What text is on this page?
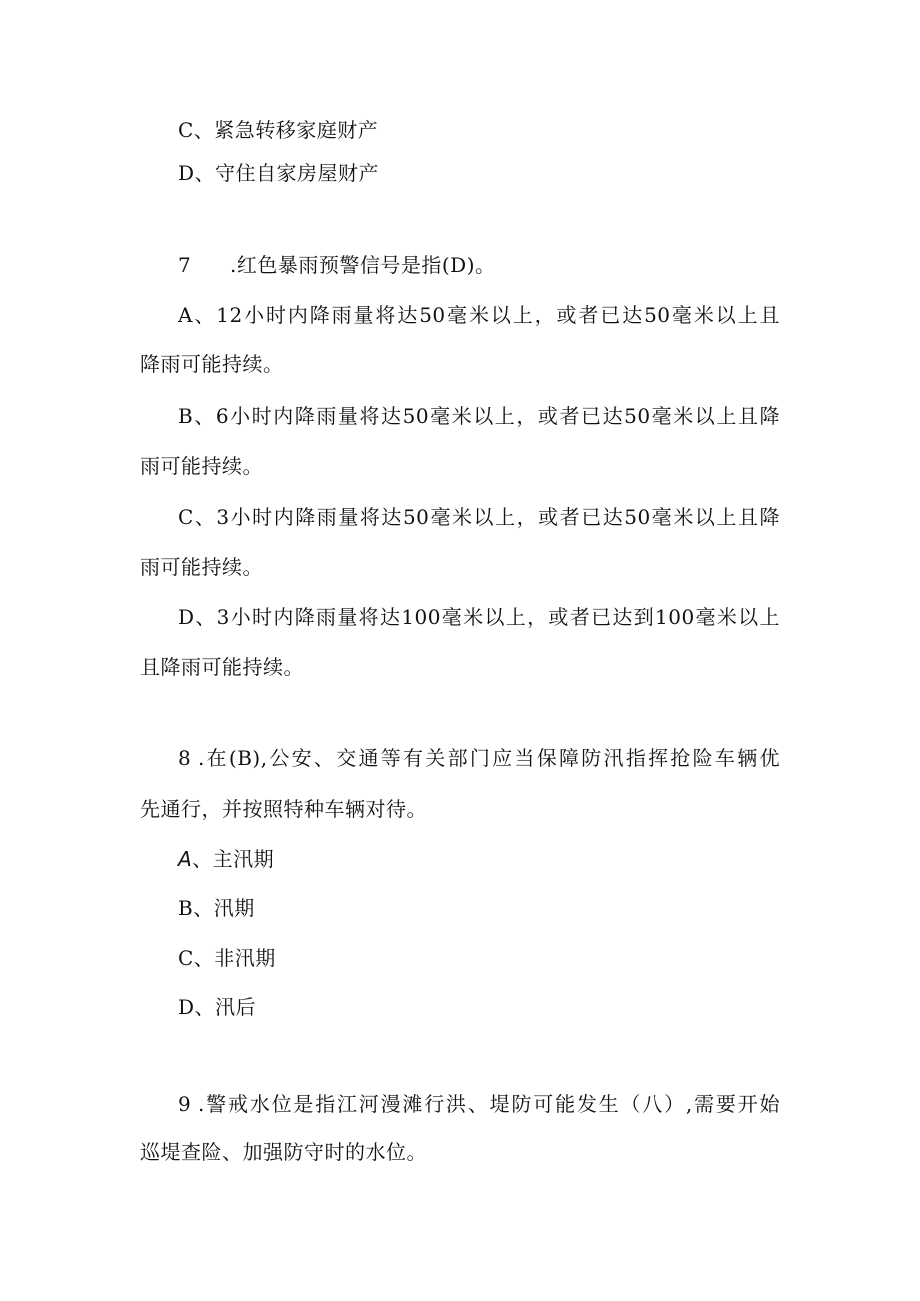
C、紧急转移家庭财产
D、守住自家房屋财产
7 .红色暴雨预警信号是指(D)。
A、12小时内降雨量将达50毫米以上，或者已达50毫米以上且
降雨可能持续。
B、6小时内降雨量将达50毫米以上，或者已达50毫米以上且降
雨可能持续。
C、3小时内降雨量将达50毫米以上，或者已达50毫米以上且降
雨可能持续。
D、3小时内降雨量将达100毫米以上，或者已达到100毫米以上
且降雨可能持续。
8 .在(B),公安、交通等有关部门应当保障防汛指挥抢险车辆优
先通行，并按照特种车辆对待。
A、主汛期
B、汛期
C、非汛期
D、汛后
9 .警戒水位是指江河漫滩行洪、堤防可能发生（八）,需要开始
巡堤查险、加强防守时的水位。
